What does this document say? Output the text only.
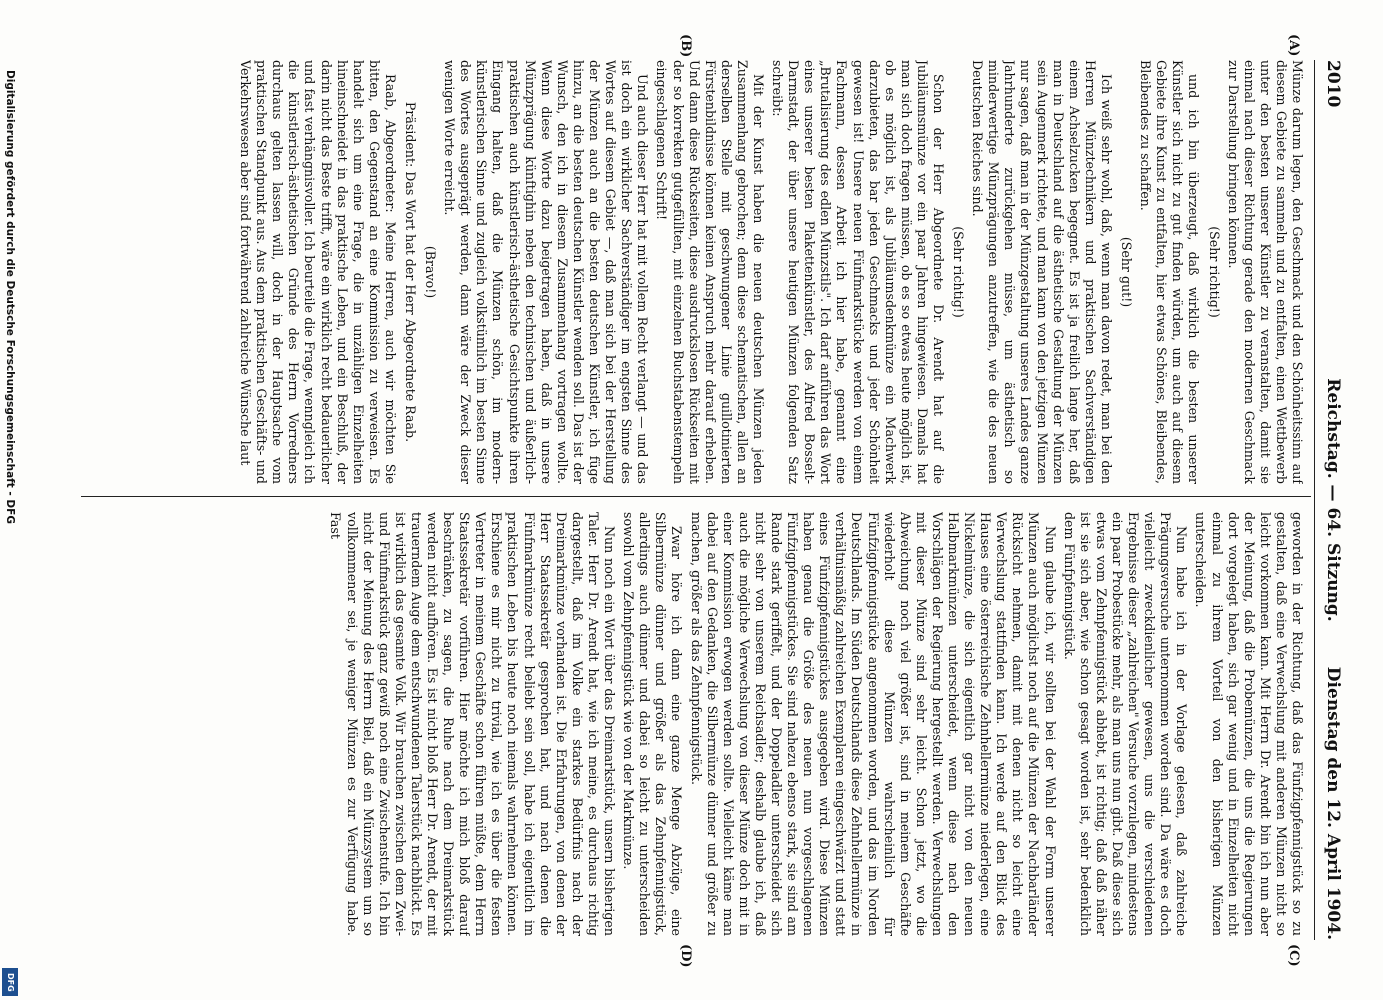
2010
Reichstag. — 64. Sitzung.
Dienstag den 12. April 1904.
(A)
(B)
(C)
(D)

Münze darum legen, den Geschmack und den Schönheitssinn auf diesem Gebiete zu sammeln und zu entfalten, einen Wettbewerb unter den besten unserer Künstler zu veranstalten, damit sie einmal nach dieser Richtung gerade den modernen Geschmack zur Darstellung bringen können.

(Sehr richtig!)

und ich bin überzeugt, daß wirklich die besten unserer Künstler sich nicht zu gut finden würden, um auch auf diesem Gebiete ihre Kunst zu entfalten, hier etwas Schönes, Bleibendes, Bleibendes zu schaffen.

(Sehr gut!)

Ich weiß sehr wohl, daß, wenn man davon redet, man bei den Herren Münztechnikern und praktischen Sachverständigen einem Achselzucken begegnet. Es ist ja freilich lange her, daß man in Deutschland auf die ästhetische Gestaltung der Münzen sein Augenmerk richtete, und man kann von den jetzigen Münzen nur sagen, daß man in der Münzgestaltung unseres Landes ganze Jahrhunderte zurückgehen müsse, um ästhetisch so minderwertige Münzprägungen anzutreffen, wie die des neuen Deutschen Reiches sind.

(Sehr richtig!)

Schon der Herr Abgeordnete Dr. Arendt hat auf die Jubiläumsmünze vor ein paar Jahren hingewiesen. Damals hat man sich doch fragen müssen, ob es so etwas heute möglich ist, ob es möglich ist, als Jubiläumsdenkmünze ein Machwerk darzubieten, das bar jeden Geschmacks und jeder Schönheit gewesen ist! Unsere neuen Fünfmarkstücke werden von einem Fachmann, dessen Arbeit ich hier habe, genannt eine „Brutalisierung des edlen Münzstils". Ich darf anführen das Wort eines unserer besten Plakettenkünstler, des Alfred Bosselt-Darmstadt, der über unsere heutigen Münzen folgenden Satz schreibt:

Mit der Kunst haben die neuen deutschen Münzen jeden Zusammenhang gebrochen; denn diese schematischen, allen an derselben Stelle mit geschwungener Linie guillotinierten Fürstenbildnisse können keinen Anspruch mehr darauf erheben. Und dann diese Rückseiten, diese ausdruckslosen Rückseiten mit der so korrekten gutgefüllten, mit einzelnen Buchstabenstempeln eingeschlagenen Schrift!

Und auch dieser Herr hat mit vollem Recht verlangt — und das ist doch ein wirklicher Sachverständiger im engsten Sinne des Wortes auf diesem Gebiet —, daß man sich bei der Herstellung der Münzen auch an die besten deutschen Künstler, ich füge hinzu, an die besten deutschen Künstler wenden soll. Das ist der Wunsch, den ich in diesem Zusammenhang vortragen wollte. Wenn diese Worte dazu beigetragen haben, daß in unsere Münzprägung künftighin neben den technischen und äußerlich-praktischen auch künstlerisch-ästhetische Gesichtspunkte ihren Eingang halten, daß die Münzen schön, im modern-künstlerischen Sinne und zugleich volkstümlich im besten Sinne des Wortes ausgeprägt werden, dann wäre der Zweck dieser wenigen Worte erreicht.

(Bravo!)

Präsident: Das Wort hat der Herr Abgeordnete Raab.

Raab, Abgeordneter: Meine Herren, auch wir möchten Sie bitten, den Gegenstand an eine Kommission zu verweisen. Es handelt sich um eine Frage, die in unzähligen Einzelheiten hineinschneidet in das praktische Leben, und ein Beschluß, der darin nicht das Beste trifft, wäre ein wirklich recht bedauerlicher und fast verhängnisvoller. Ich beurteile die Frage, wenngleich ich die künstlerisch-ästhetischen Gründe des Herrn Vorredners durchaus gelten lassen will, doch in der Hauptsache vom praktischen Standpunkt aus. Aus dem praktischen Geschäfts- und Verkehrswesen aber sind fortwährend zahlreiche Wünsche laut

geworden in der Richtung, daß das Fünfzigpfennigstück so zu gestalten, daß eine Verwechslung mit anderen Münzen nicht so leicht vorkommen kann. Mit Herrn Dr. Arendt bin ich nun aber der Meinung, daß die Probemünzen, die uns die Regierungen dort vorgelegt haben, sich gar wenig und in Einzelheiten nicht einmal zu ihrem Vorteil von den bisherigen Münzen unterscheiden.

Nun habe ich in der Vorlage gelesen, daß zahlreiche Prägungsversuche unternommen worden sind. Da wäre es doch vielleicht zweckdienlicher gewesen, uns die verschiedenen Ergebnisse dieser „zahlreichen" Versuche vorzulegen, mindestens ein paar Probestücke mehr, als man uns nun gibt. Daß diese sich etwas vom Zehnpfennigstück abhebt, ist richtig; daß daß näher ist sie sich aber, wie schon gesagt worden ist, sehr bedenklich dem Fünfpfennigstück.

Nun glaube ich, wir sollten bei der Wahl der Form unserer Münzen auch möglichst noch auf die Münzen der Nachbarländer Rücksicht nehmen, damit mit denen nicht so leicht eine Verwechslung stattfinden kann. Ich werde auf den Blick des Hauses eine österreichische Zehnhellermünze niederlegen, eine Nickelmünze, die sich eigentlich gar nicht von den neuen Halbmarkmünzen unterscheidet, wenn diese nach den Vorschlägen der Regierung hergestellt werden. Verwechslungen mit dieser Münze sind sehr leicht. Schon jetzt, wo die Abweichung noch viel größer ist, sind in meinem Geschäfte wiederholt diese Münzen wahrscheinlich für Fünfzigpfennigstücke angenommen worden, und das im Norden Deutschlands. Im Süden Deutschlands diese Zehnhellermünze in verhältnismäßig zahlreichen Exemplaren eingeschwärzt und statt eines Fünfzigpfennigstückes ausgegeben wird. Diese Münzen haben genau die Größe des neuen nun vorgeschlagenen Fünfzigpfennigstückes. Sie sind nahezu ebenso stark, sie sind am Rande stark geriffelt, und der Doppeladler unterscheidet sich nicht sehr von unserem Reichsadler; deshalb glaube ich, daß auch die mögliche Verwechslung von dieser Münze doch mit in einer Kommission erwogen werden sollte. Vielleicht käme man dabei auf den Gedanken, die Silbermünze dünner und größer zu machen, größer als das Zehnpfennigstück.

Zwar höre ich dann eine ganze Menge Abzüge, eine Silbermünze dünner und größer als das Zehnpfennigstück, allerdings auch dünner und dabei so leicht zu unterscheiden sowohl vom Zehnpfennigstück wie von der Markmünze.

Nun noch ein Wort über das Dreimarkstück, unsern bisherigen Taler. Herr Dr. Arendt hat, wie ich meine, es durchaus richtig dargestellt, daß im Volke ein starkes Bedürfnis nach der Dreimarkmünze vorhanden ist. Die Erfahrungen, von denen der Herr Staatssekretär gesprochen hat, und nach denen die Fünfmarkmünze recht beliebt sein soll, habe ich eigentlich im praktischen Leben bis heute noch niemals wahrnehmen können. Erschiene es mir nicht zu trivial, wie ich es über die festen Vertreter in meinem Geschäfte schon führen müßte, dem Herrn Staatssekretär vorführen. Hier möchte ich mich bloß darauf beschränken, zu sagen, die Ruhe nach dem Dreimarkstück werden nicht aufhören. Es ist nicht bloß Herr Dr. Arendt, der mit trauerndem Auge dem entschwundenen Talerstück nachblickt. Es ist wirklich das gesamte Volk. Wir brauchen zwischen dem Zwei- und Fünfmarkstück ganz gewiß noch eine Zwischenstufe. Ich bin nicht der Meinung des Herrn Biel, daß ein Münzsystem um so vollkommener sei, je weniger Münzen es zur Verfügung habe. Fast

Digitalisierung gefördert durch die Deutsche Forschungsgemeinschaft - DFG
DFG
